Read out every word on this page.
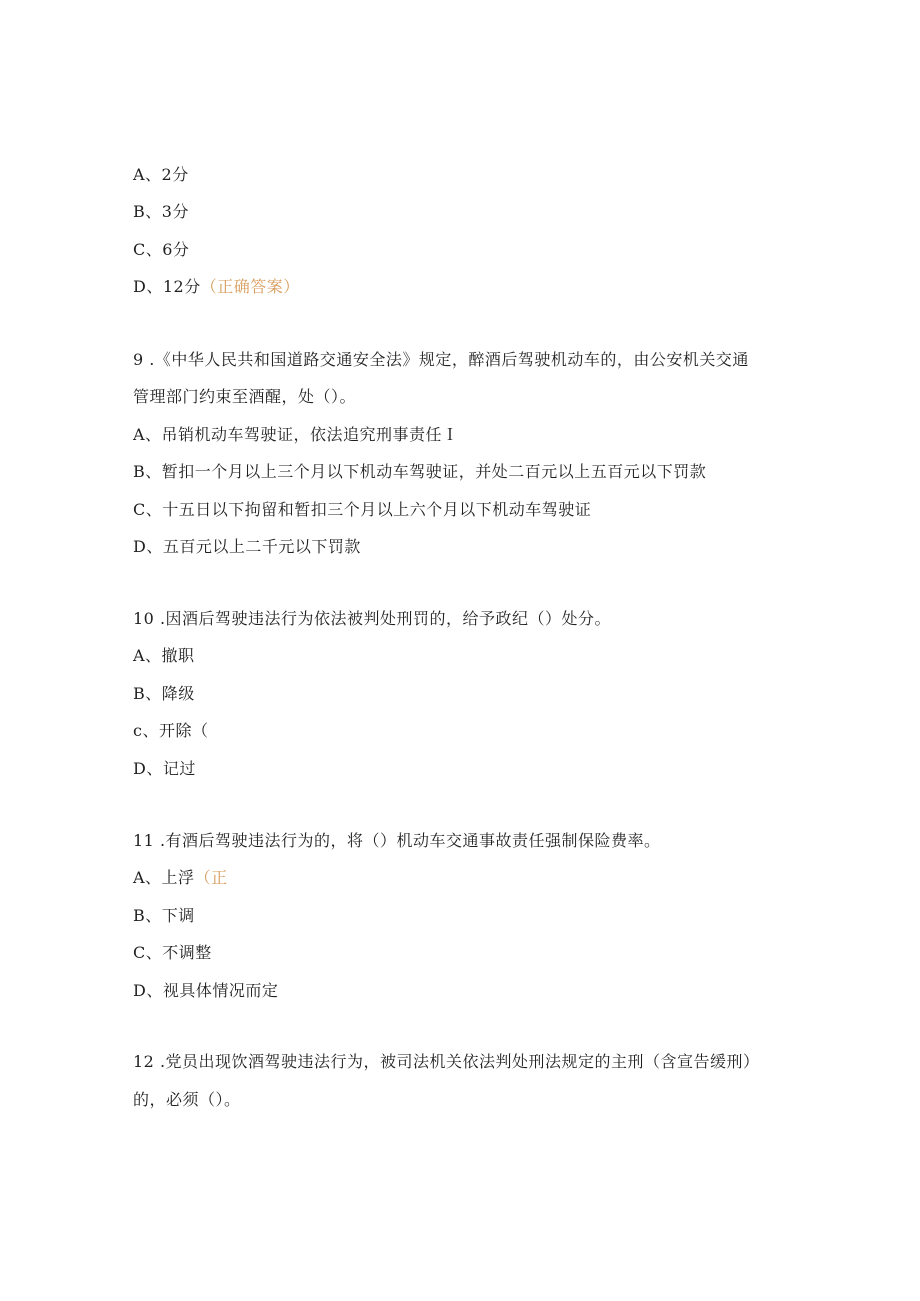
A、2分
B、3分
C、6分
D、12分（正确答案）
9 .《中华人民共和国道路交通安全法》规定，醉酒后驾驶机动车的，由公安机关交通
管理部门约束至酒醒，处（）。
A、吊销机动车驾驶证，依法追究刑事责任Ｉ
B、暂扣一个月以上三个月以下机动车驾驶证，并处二百元以上五百元以下罚款
C、十五日以下拘留和暂扣三个月以上六个月以下机动车驾驶证
D、五百元以上二千元以下罚款
10 .因酒后驾驶违法行为依法被判处刑罚的，给予政纪（）处分。
A、撤职
B、降级
c、开除（
D、记过
11 .有酒后驾驶违法行为的，将（）机动车交通事故责任强制保险费率。
A、上浮（正
B、下调
C、不调整
D、视具体情况而定
12 .党员出现饮酒驾驶违法行为，被司法机关依法判处刑法规定的主刑（含宣告缓刑）
的，必须（）。
